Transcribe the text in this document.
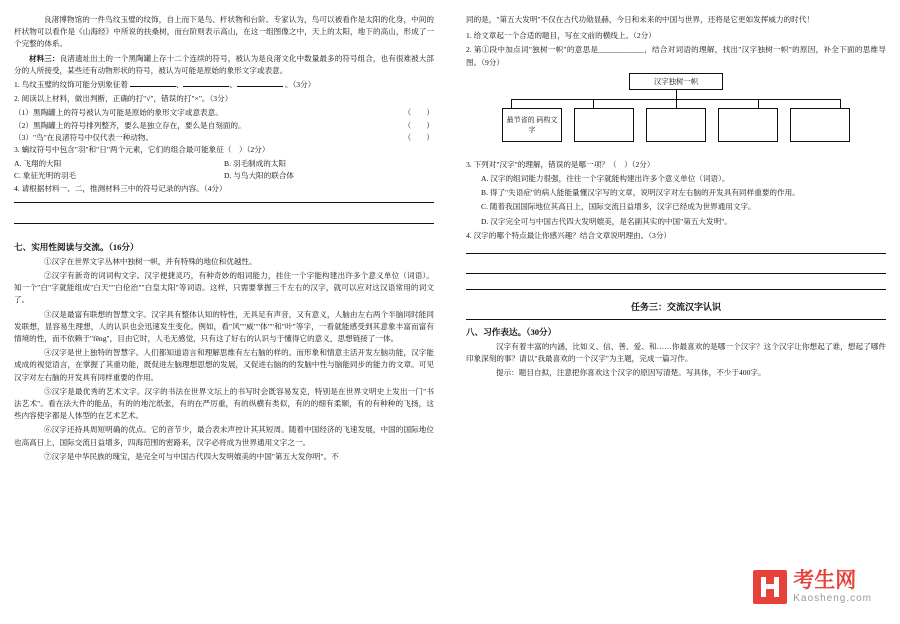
良渚博物馆的一件鸟纹玉璧的纹饰，自上而下是鸟、杆状物和台阶。专家认为，鸟可以被看作是太阳的化身，中间的杆状物可以看作是《山海经》中所说的扶桑树，而台阶则表示高山，在这一组图像之中，天上的太阳，地下的高山，形成了一个完整的体系。

材料三：良渚遗址出土的一个黑陶罐上存十二个连续的符号，被认为是良渚文化中数量最多的符号组合，也有很难被大部分的人所接受，某些还有动物形状的符号，被认为可能是原始的象形文字或表意。

1. 鸟纹玉璧的纹饰可能分别象征着	、	、	。（3分）

2. 阅读以上材料，做出判断，正确的打"√"，错误的打"×"。（3分）

（1）黑陶罐上的符号被认为可能是原始的象形文字或意表意。	（　　）
（2）黑陶罐上的符号排列整齐，要么是独立存在，要么是自刻面的。	（　　）
（3）"鸟"在良渚符号中仅代表一种动物。	（　　）

3. 螭纹符号中包含"羽"和"日"两个元素，它们的组合最可能象征（　）（2分）

A. 飞翔的大阳	B. 羽毛制成的太阳
C. 象征光明的羽毛	D. 与鸟大阳的联合体

4. 请根据材料一、二，推测材料三中的符号记录的内容。（4分）

七、实用性阅读与交流。（16分）

①汉字在世界文字丛林中独树一帜，并有特殊的地位和优越性。

②汉字有新奇的词词构文字。汉字便捷灵巧，有种奇妙的组词能力，挂住一个字能构建出许多个意义单位（词语）。知一个"白"字就能组成"白天""白伦治""白皇太阳"等词语。这样，只需要掌握三千左右的汉字，就可以应对这汉语常用的词文了。

③汉是最富有联想的智慧文字。汉字具有整体认知的特性，无具足有声音，又有意义，人脑由左右两个半脑同时能同发联想，显容易生理想，人的认识也会迅速发生变化。例如，看"风""威""体""和"叶"等字，一看就能感受到其意象丰富而富有情境的性，而不依赖于"fēng"，目由它时，人毛无感觉，只有这了好右的认识与于懂得它的意义，思想链接了一体。

④汉字是世上独特的智慧字。人们都知道语言和理解思维有左右脑的样的。而形象和情意主活开发左脑功能，汉字能成成的视觉语言，在掌握了其重功能，既促进左脑理想思想的发展，又促进右脑的的发脑中性与脑能同步的能力的文章。可见汉字对左右脑的开发具有同样重要的作用。

⑤汉字是最优秀的艺术文字。汉字的书法在世界文坛上的书写时会既容易发克，特别是在世界文明史上发出一门"书法艺术"。看在法大件的能品，有的的地沱纸张，有的在严厉重，有的纵横有类似，有的的细有柔顺，有的有种种的飞扬，这些内容使字都是人体型的在艺术艺术。

⑥汉字还持具周短明确的优点。它的音节少，最合表未声控计其其短周。随着中国经济的飞速发展，中国的国际地位也高高日上，国际交流日益增多，四海范围的密路来，汉字必将成为世界通用文字之一。

⑦汉字是中华民族的瑰宝，是完全可与中国古代四大发明媲美的中国"第五大发你明"。不

同的是，"第五大发明"不仅在古代功勋显赫，今日和未来的中国与世界，还将是它更如发挥威力的时代！

1. 给文章起一个合适的题目，写在文前的横线上。（2分）

2. 第①段中加点词"独树一帜"的意思是____________，结合对词语的理解，找出"汉字独树一帜"的原因，补全下面的思维导图。（9分）

汉字独树一帜
最节省的 码构文字

3. 下列对"汉字"的理解，错误的是哪一项？（　）（2分）

A. 汉字的组词能力很强，往往一个字就能构建出许多个意义单位（词语）。

B. 得了"失语症"的病人能能量懂汉字写的文章，说明汉字对左右脑的开发具有同样重要的作用。

C. 随着我国国际地位其高日上，国际交流日益增多，汉字已经成为世界通用文字。

D. 汉字完全可与中国古代四大发明媲美，是名副其实的中国"第五大发明"。

4. 汉字的哪个特点最让你感兴趣？结合文章说明理由。（3分）

任务三：交流汉字认识
八、习作表达。（30分）

汉字有着丰富的内涵，比如义、信、善、爱、和……你最喜欢的是哪一个汉字？这个汉字让你想起了谁，想起了哪件印象深刻的事？请以"我最喜欢的一个汉字"为主题，完成一篇习作。

提示：题目自拟，注意把你喜欢这个汉字的原因写清楚。写具体，不少于400字。

考生网
Kaosheng.com
